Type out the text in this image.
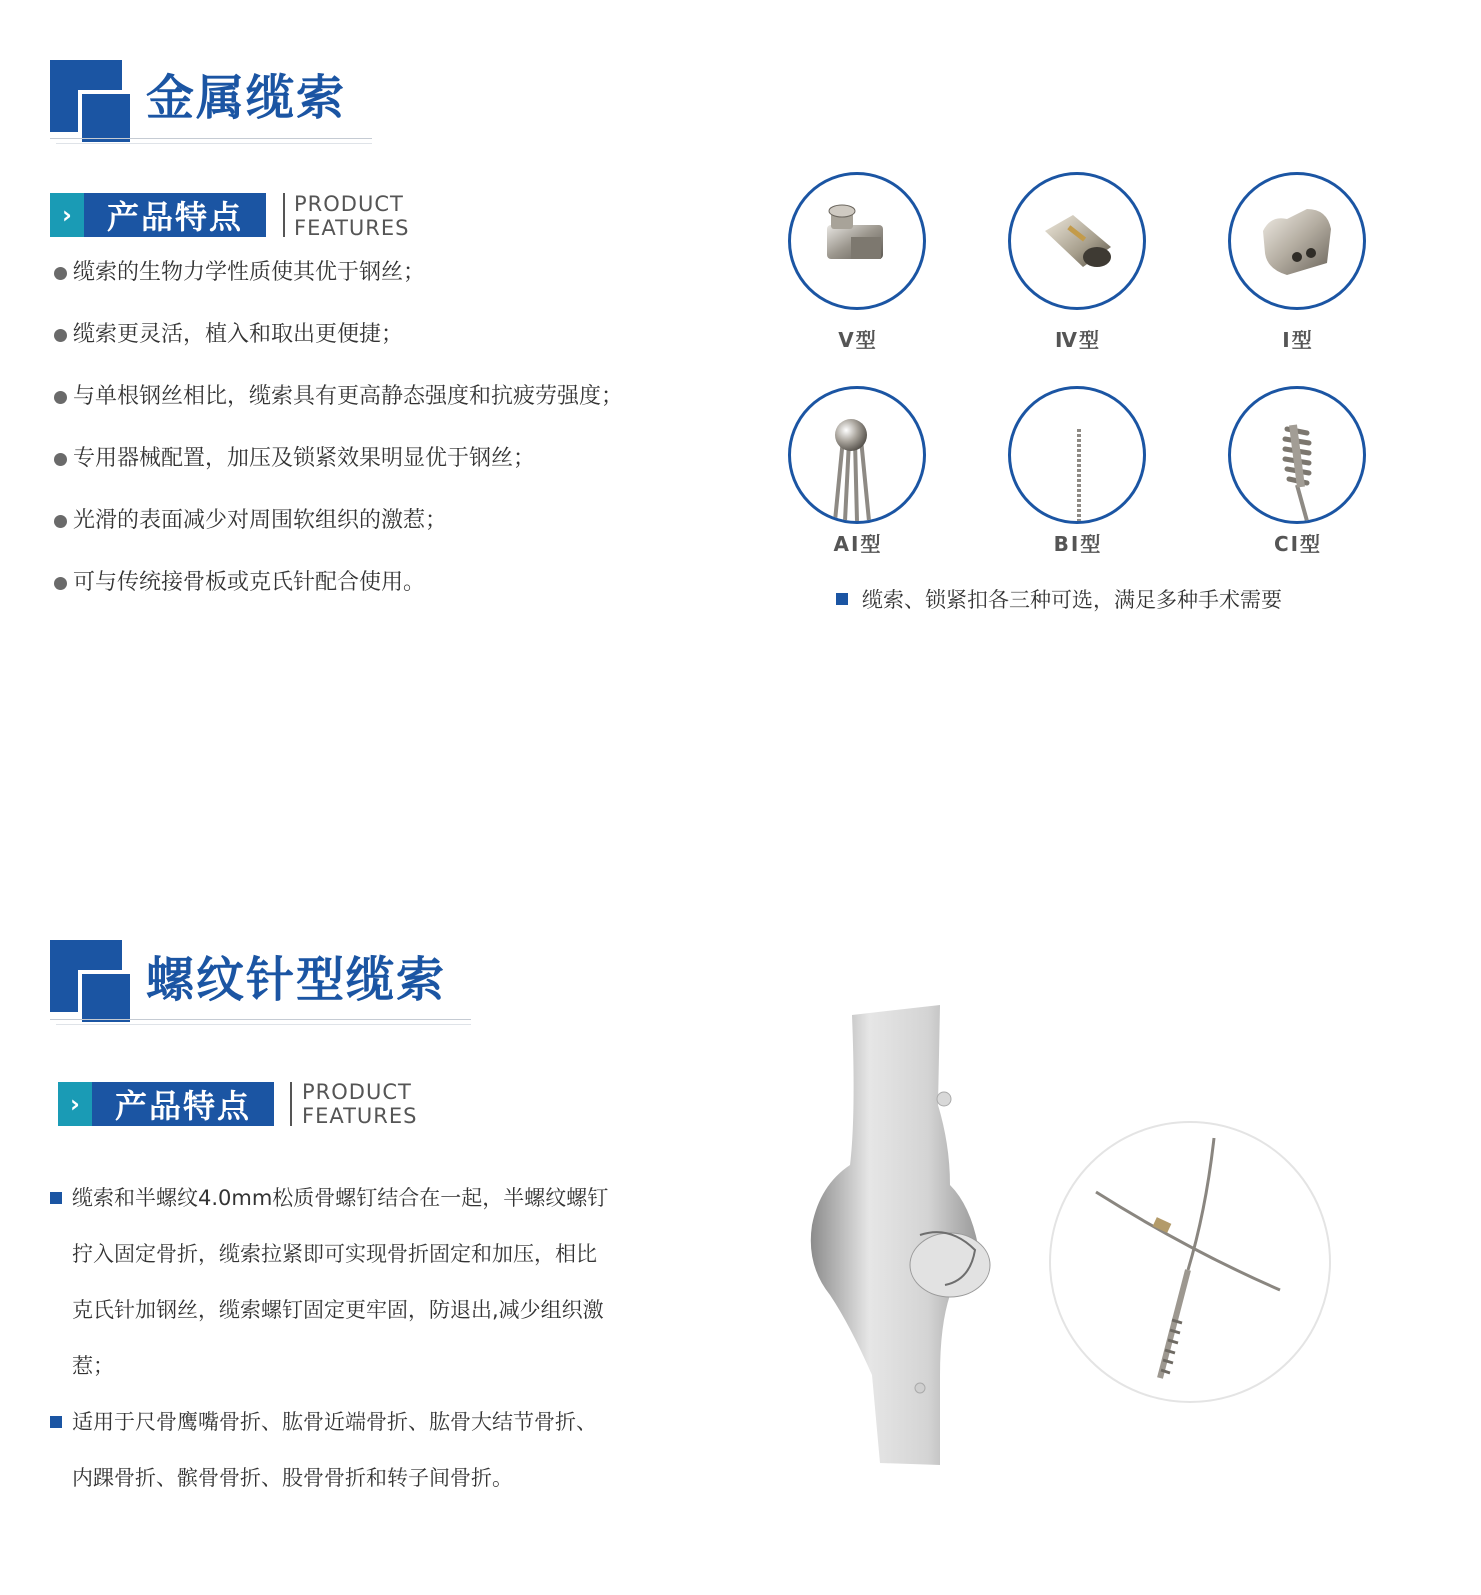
金属缆索
›	产品特点	PRODUCT
FEATURES
缆索的生物力学性质使其优于钢丝；
缆索更灵活，植入和取出更便捷；
与单根钢丝相比，缆索具有更高静态强度和抗疲劳强度；
专用器械配置，加压及锁紧效果明显优于钢丝；
光滑的表面减少对周围软组织的激惹；
可与传统接骨板或克氏针配合使用。
V型	Ⅳ型	Ⅰ型
AⅠ型	BⅠ型	CⅠ型
缆索、锁紧扣各三种可选，满足多种手术需要
螺纹针型缆索
›	产品特点	PRODUCT
FEATURES
缆索和半螺纹4.0mm松质骨螺钉结合在一起，半螺纹螺钉
拧入固定骨折，缆索拉紧即可实现骨折固定和加压，相比
克氏针加钢丝，缆索螺钉固定更牢固，防退出,减少组织激
惹；
适用于尺骨鹰嘴骨折、肱骨近端骨折、肱骨大结节骨折、
内踝骨折、髌骨骨折、股骨骨折和转子间骨折。
